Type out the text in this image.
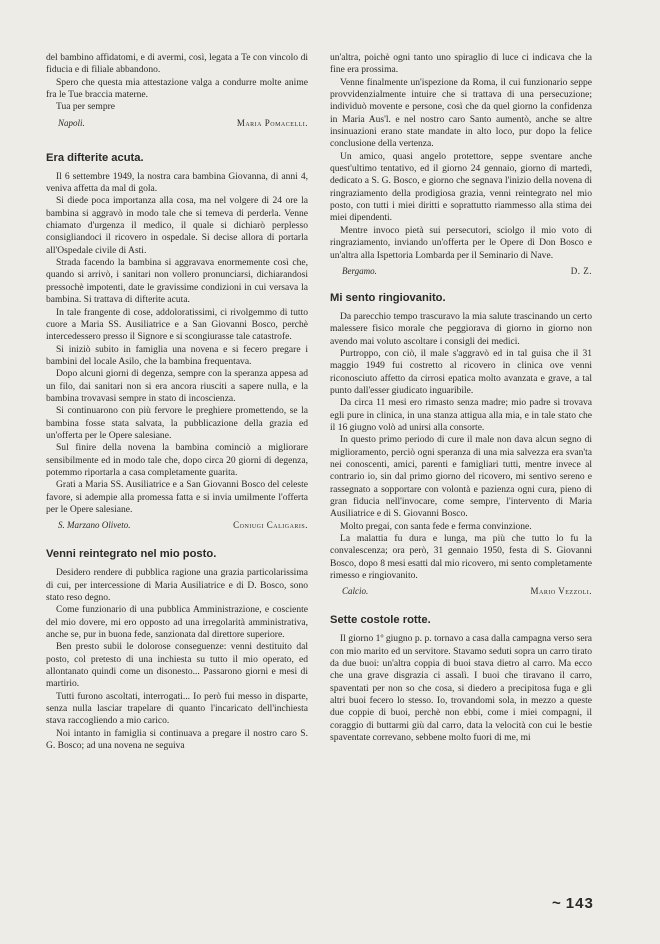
del bambino affidatomi, e di avermi, così, legata a Te con vincolo di fiducia e di filiale abbandono.

Spero che questa mia attestazione valga a condurre molte anime fra le Tue braccia materne.

Tua per sempre

Napoli.	Maria Pomacelli.
Era difterite acuta.

Il 6 settembre 1949, la nostra cara bambina Giovanna, di anni 4, veniva affetta da mal di gola.

Si diede poca importanza alla cosa, ma nel volgere di 24 ore la bambina si aggravò in modo tale che si temeva di perderla. Venne chiamato d'urgenza il medico, il quale si dichiarò perplesso consigliandoci il ricovero in ospedale. Si decise allora di portarla all'Ospedale civile di Asti.

Strada facendo la bambina si aggravava enormemente così che, quando si arrivò, i sanitari non vollero pronunciarsi, dichiarandosi pressochè impotenti, date le gravissime condizioni in cui versava la bambina. Si trattava di difterite acuta.

In tale frangente di cose, addoloratissimi, ci rivolgemmo di tutto cuore a Maria SS. Ausiliatrice e a San Giovanni Bosco, perchè intercedessero presso il Signore e si scongiurasse tale catastrofe.

Si iniziò subito in famiglia una novena e si fecero pregare i bambini del locale Asilo, che la bambina frequentava.

Dopo alcuni giorni di degenza, sempre con la speranza appesa ad un filo, dai sanitari non si era ancora riusciti a sapere nulla, e la bambina trovavasi sempre in stato di incoscienza.

Si continuarono con più fervore le preghiere promettendo, se la bambina fosse stata salvata, la pubblicazione della grazia ed un'offerta per le Opere salesiane.

Sul finire della novena la bambina cominciò a migliorare sensibilmente ed in modo tale che, dopo circa 20 giorni di degenza, potemmo riportarla a casa completamente guarita.

Grati a Maria SS. Ausiliatrice e a San Giovanni Bosco del celeste favore, si adempie alla promessa fatta e si invia umilmente l'offerta per le Opere salesiane.

S. Marzano Oliveto.	Coniugi Caligaris.
Venni reintegrato nel mio posto.

Desidero rendere di pubblica ragione una grazia particolarissima di cui, per intercessione di Maria Ausiliatrice e di D. Bosco, sono stato reso degno.

Come funzionario di una pubblica Amministrazione, e cosciente del mio dovere, mi ero opposto ad una irregolarità amministrativa, anche se, pur in buona fede, sanzionata dal direttore superiore.

Ben presto subii le dolorose conseguenze: venni destituito dal posto, col pretesto di una inchiesta su tutto il mio operato, ed allontanato quindi come un disonesto... Passarono giorni e mesi di martirio.

Tutti furono ascoltati, interrogati... Io però fui messo in disparte, senza nulla lasciar trapelare di quanto l'incaricato dell'inchiesta stava raccogliendo a mio carico.

Noi intanto in famiglia si continuava a pregare il nostro caro S. G. Bosco; ad una novena ne seguiva

un'altra, poichè ogni tanto uno spiraglio di luce ci indicava che la fine era prossima.

Venne finalmente un'ispezione da Roma, il cui funzionario seppe provvidenzialmente intuire che si trattava di una persecuzione; individuò movente e persone, così che da quel giorno la confidenza in Maria Aus'l. e nel nostro caro Santo aumentò, anche se altre insinuazioni erano state mandate in alto loco, pur dopo la felice conclusione della vertenza.

Un amico, quasi angelo protettore, seppe sventare anche quest'ultimo tentativo, ed il giorno 24 gennaio, giorno di martedì, dedicato a S. G. Bosco, e giorno che segnava l'inizio della novena di ringraziamento della prodigiosa grazia, venni reintegrato nel mio posto, con tutti i miei diritti e soprattutto riammesso alla stima dei miei dipendenti.

Mentre invoco pietà sui persecutori, sciolgo il mio voto di ringraziamento, inviando un'offerta per le Opere di Don Bosco e un'altra alla Ispettoria Lombarda per il Seminario di Nave.

Bergamo.	D. Z.
Mi sento ringiovanito.

Da parecchio tempo trascuravo la mia salute trascinando un certo malessere fisico morale che peggiorava di giorno in giorno non avendo mai voluto ascoltare i consigli dei medici.

Purtroppo, con ciò, il male s'aggravò ed in tal guisa che il 31 maggio 1949 fui costretto al ricovero in clinica ove venni riconosciuto affetto da cirrosi epatica molto avanzata e grave, a tal punto dall'esser giudicato inguaribile.

Da circa 11 mesi ero rimasto senza madre; mio padre si trovava egli pure in clinica, in una stanza attigua alla mia, e in tale stato che il 16 giugno volò ad unirsi alla consorte.

In questo primo periodo di cure il male non dava alcun segno di miglioramento, perciò ogni speranza di una mia salvezza era svan'ta nei conoscenti, amici, parenti e famigliari tutti, mentre invece al contrario io, sin dal primo giorno del ricovero, mi sentivo sereno e rassegnato a sopportare con volontà e pazienza ogni cura, pieno di gran fiducia nell'invocare, come sempre, l'intervento di Maria Ausiliatrice e di S. Giovanni Bosco.

Molto pregai, con santa fede e ferma convinzione.

La malattia fu dura e lunga, ma più che tutto lo fu la convalescenza; ora però, 31 gennaio 1950, festa di S. Giovanni Bosco, dopo 8 mesi esatti dal mio ricovero, mi sento completamente rimesso e ringiovanito.

Calcio.	Mario Vezzoli.
Sette costole rotte.

Il giorno 1º giugno p. p. tornavo a casa dalla campagna verso sera con mio marito ed un servitore. Stavamo seduti sopra un carro tirato da due buoi: un'altra coppia di buoi stava dietro al carro. Ma ecco che una grave disgrazia ci assalì. I buoi che tiravano il carro, spaventati per non so che cosa, si diedero a precipitosa fuga e gli altri buoi fecero lo stesso. Io, trovandomi sola, in mezzo a queste due coppie di buoi, perchè non ebbi, come i miei compagni, il coraggio di buttarmi giù dal carro, data la velocità con cui le bestie spaventate correvano, sebbene molto fuori di me, mi

~ 143
